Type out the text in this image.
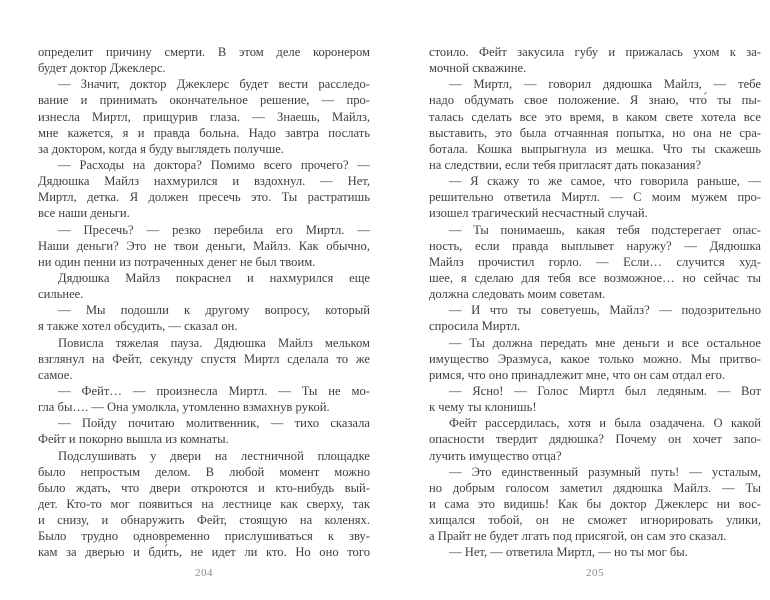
определит причину смерти. В этом деле коронером
будет доктор Джеклерс.
— Значит, доктор Джеклерс будет вести расследо-
вание и принимать окончательное решение, — про-
изнесла Миртл, прищурив глаза. — Знаешь, Майлз,
мне кажется, я и правда больна. Надо завтра послать
за доктором, когда я буду выглядеть получше.
— Расходы на доктора? Помимо всего прочего? —
Дядюшка Майлз нахмурился и вздохнул. — Нет,
Миртл, детка. Я должен пресечь это. Ты растратишь
все наши деньги.
— Пресечь? — резко перебила его Миртл. —
Наши деньги? Это не твои деньги, Майлз. Как обычно,
ни один пенни из потраченных денег не был твоим.
Дядюшка Майлз покраснел и нахмурился еще
сильнее.
— Мы подошли к другому вопросу, который
я также хотел обсудить, — сказал он.
Повисла тяжелая пауза. Дядюшка Майлз мельком
взглянул на Фейт, секунду спустя Миртл сделала то же
самое.
— Фейт… — произнесла Миртл. — Ты не мо-
гла бы…. — Она умолкла, утомленно взмахнув рукой.
— Пойду почитаю молитвенник, — тихо сказала
Фейт и покорно вышла из комнаты.
Подслушивать у двери на лестничной площадке
было непростым делом. В любой момент можно
было ждать, что двери откроются и кто-нибудь вый-
дет. Кто-то мог появиться на лестнице как сверху, так
и снизу, и обнаружить Фейт, стоящую на коленях.
Было трудно одновременно прислушиваться к зву-
кам за дверью и бди́ть, не идет ли кто. Но оно того
стоило. Фейт закусила губу и прижалась ухом к за-
мочной скважине.
— Миртл, — говорил дядюшка Майлз, — тебе
надо обдумать свое положение. Я знаю, что́ ты пы-
талась сделать все это время, в каком свете хотела все
выставить, это была отчаянная попытка, но она не сра-
ботала. Кошка выпрыгнула из мешка. Что ты скажешь
на следствии, если тебя пригласят дать показания?
— Я скажу то же самое, что говорила раньше, —
решительно ответила Миртл. — С моим мужем про-
изошел трагический несчастный случай.
— Ты понимаешь, какая тебя подстерегает опас-
ность, если правда выплывет наружу? — Дядюшка
Майлз прочистил горло. — Если… случится худ-
шее, я сделаю для тебя все возможное… но сейчас ты
должна следовать моим советам.
— И что ты советуешь, Майлз? — подозрительно
спросила Миртл.
— Ты должна передать мне деньги и все остальное
имущество Эразмуса, какое только можно. Мы притво-
римся, что оно принадлежит мне, что он сам отдал его.
— Ясно! — Голос Миртл был ледяным. — Вот
к чему ты клонишь!
Фейт рассердилась, хотя и была озадачена. О какой
опасности твердит дядюшка? Почему он хочет запо-
лучить имущество отца?
— Это единственный разумный путь! — усталым,
но добрым голосом заметил дядюшка Майлз. — Ты
и сама это видишь! Как бы доктор Джеклерс ни вос-
хищался тобой, он не сможет игнорировать улики,
а Прайт не будет лгать под присягой, он сам это сказал.
— Нет, — ответила Миртл, — но ты мог бы.
204	205
